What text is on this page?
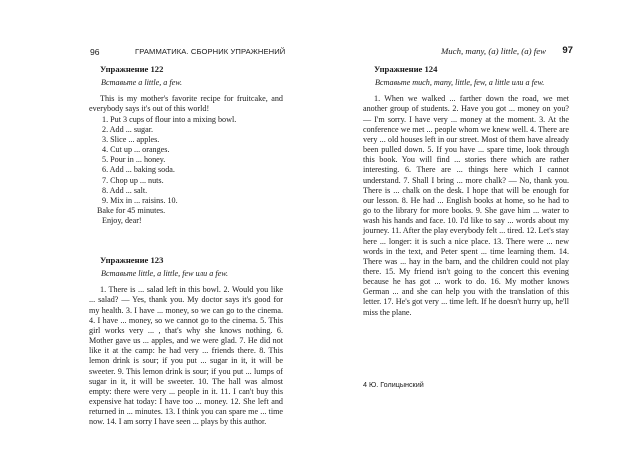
96	ГРАММАТИКА. СБОРНИК УПРАЖНЕНИЙ
Упражнение 122
Вставьте a little, a few.

This is my mother's favorite recipe for fruitcake, and everybody says it's out of this world!

1. Put 3 cups of flour into a mixing bowl.
2. Add ... sugar.
3. Slice ... apples.
4. Cut up ... oranges.
5. Pour in ... honey.
6. Add ... baking soda.
7. Chop up ... nuts.
8. Add ... salt.
9. Mix in ... raisins. 10.
Bake for 45 minutes.
Enjoy, dear!
Упражнение 123
Вставьте little, a little, few или a few.

1. There is ... salad left in this bowl. 2. Would you like ... salad? — Yes, thank you. My doctor says it's good for my health. 3. I have ... money, so we can go to the cinema. 4. I have ... money, so we cannot go to the cinema. 5. This girl works very ... , that's why she knows nothing. 6. Mother gave us ... apples, and we were glad. 7. He did not like it at the camp: he had very ... friends there. 8. This lemon drink is sour; if you put ... sugar in it, it will be sweeter. 9. This lemon drink is sour; if you put ... lumps of sugar in it, it will be sweeter. 10. The hall was almost empty: there were very ... people in it. 11. I can't buy this expensive hat today: I have too ... money. 12. She left and returned in ... minutes. 13. I think you can spare me ... time now. 14. I am sorry I have seen ... plays by this author.

Much, many, (a) little, (a) few 97
Упражнение 124
Вставьте much, many, little, few, a little или a few.

1. When we walked ... farther down the road, we met another group of students. 2. Have you got ... money on you? — I'm sorry. I have very ... money at the moment. 3. At the conference we met ... people whom we knew well. 4. There are very ... old houses left in our street. Most of them have already been pulled down. 5. If you have ... spare time, look through this book. You will find ... stories there which are rather interesting. 6. There are ... things here which I cannot understand. 7. Shall I bring ... more chalk? — No, thank you. There is ... chalk on the desk. I hope that will be enough for our lesson. 8. He had ... English books at home, so he had to go to the library for more books. 9. She gave him ... water to wash his hands and face. 10. I'd like to say ... words about my journey. 11. After the play everybody felt ... tired. 12. Let's stay here ... longer: it is such a nice place. 13. There were ... new words in the text, and Peter spent ... time learning them. 14. There was ... hay in the barn, and the children could not play there. 15. My friend isn't going to the concert this evening because he has got ... work to do. 16. My mother knows German ... and she can help you with the translation of this letter. 17. He's got very ... time left. If he doesn't hurry up, he'll miss the plane.

4 Ю. Голицынский
